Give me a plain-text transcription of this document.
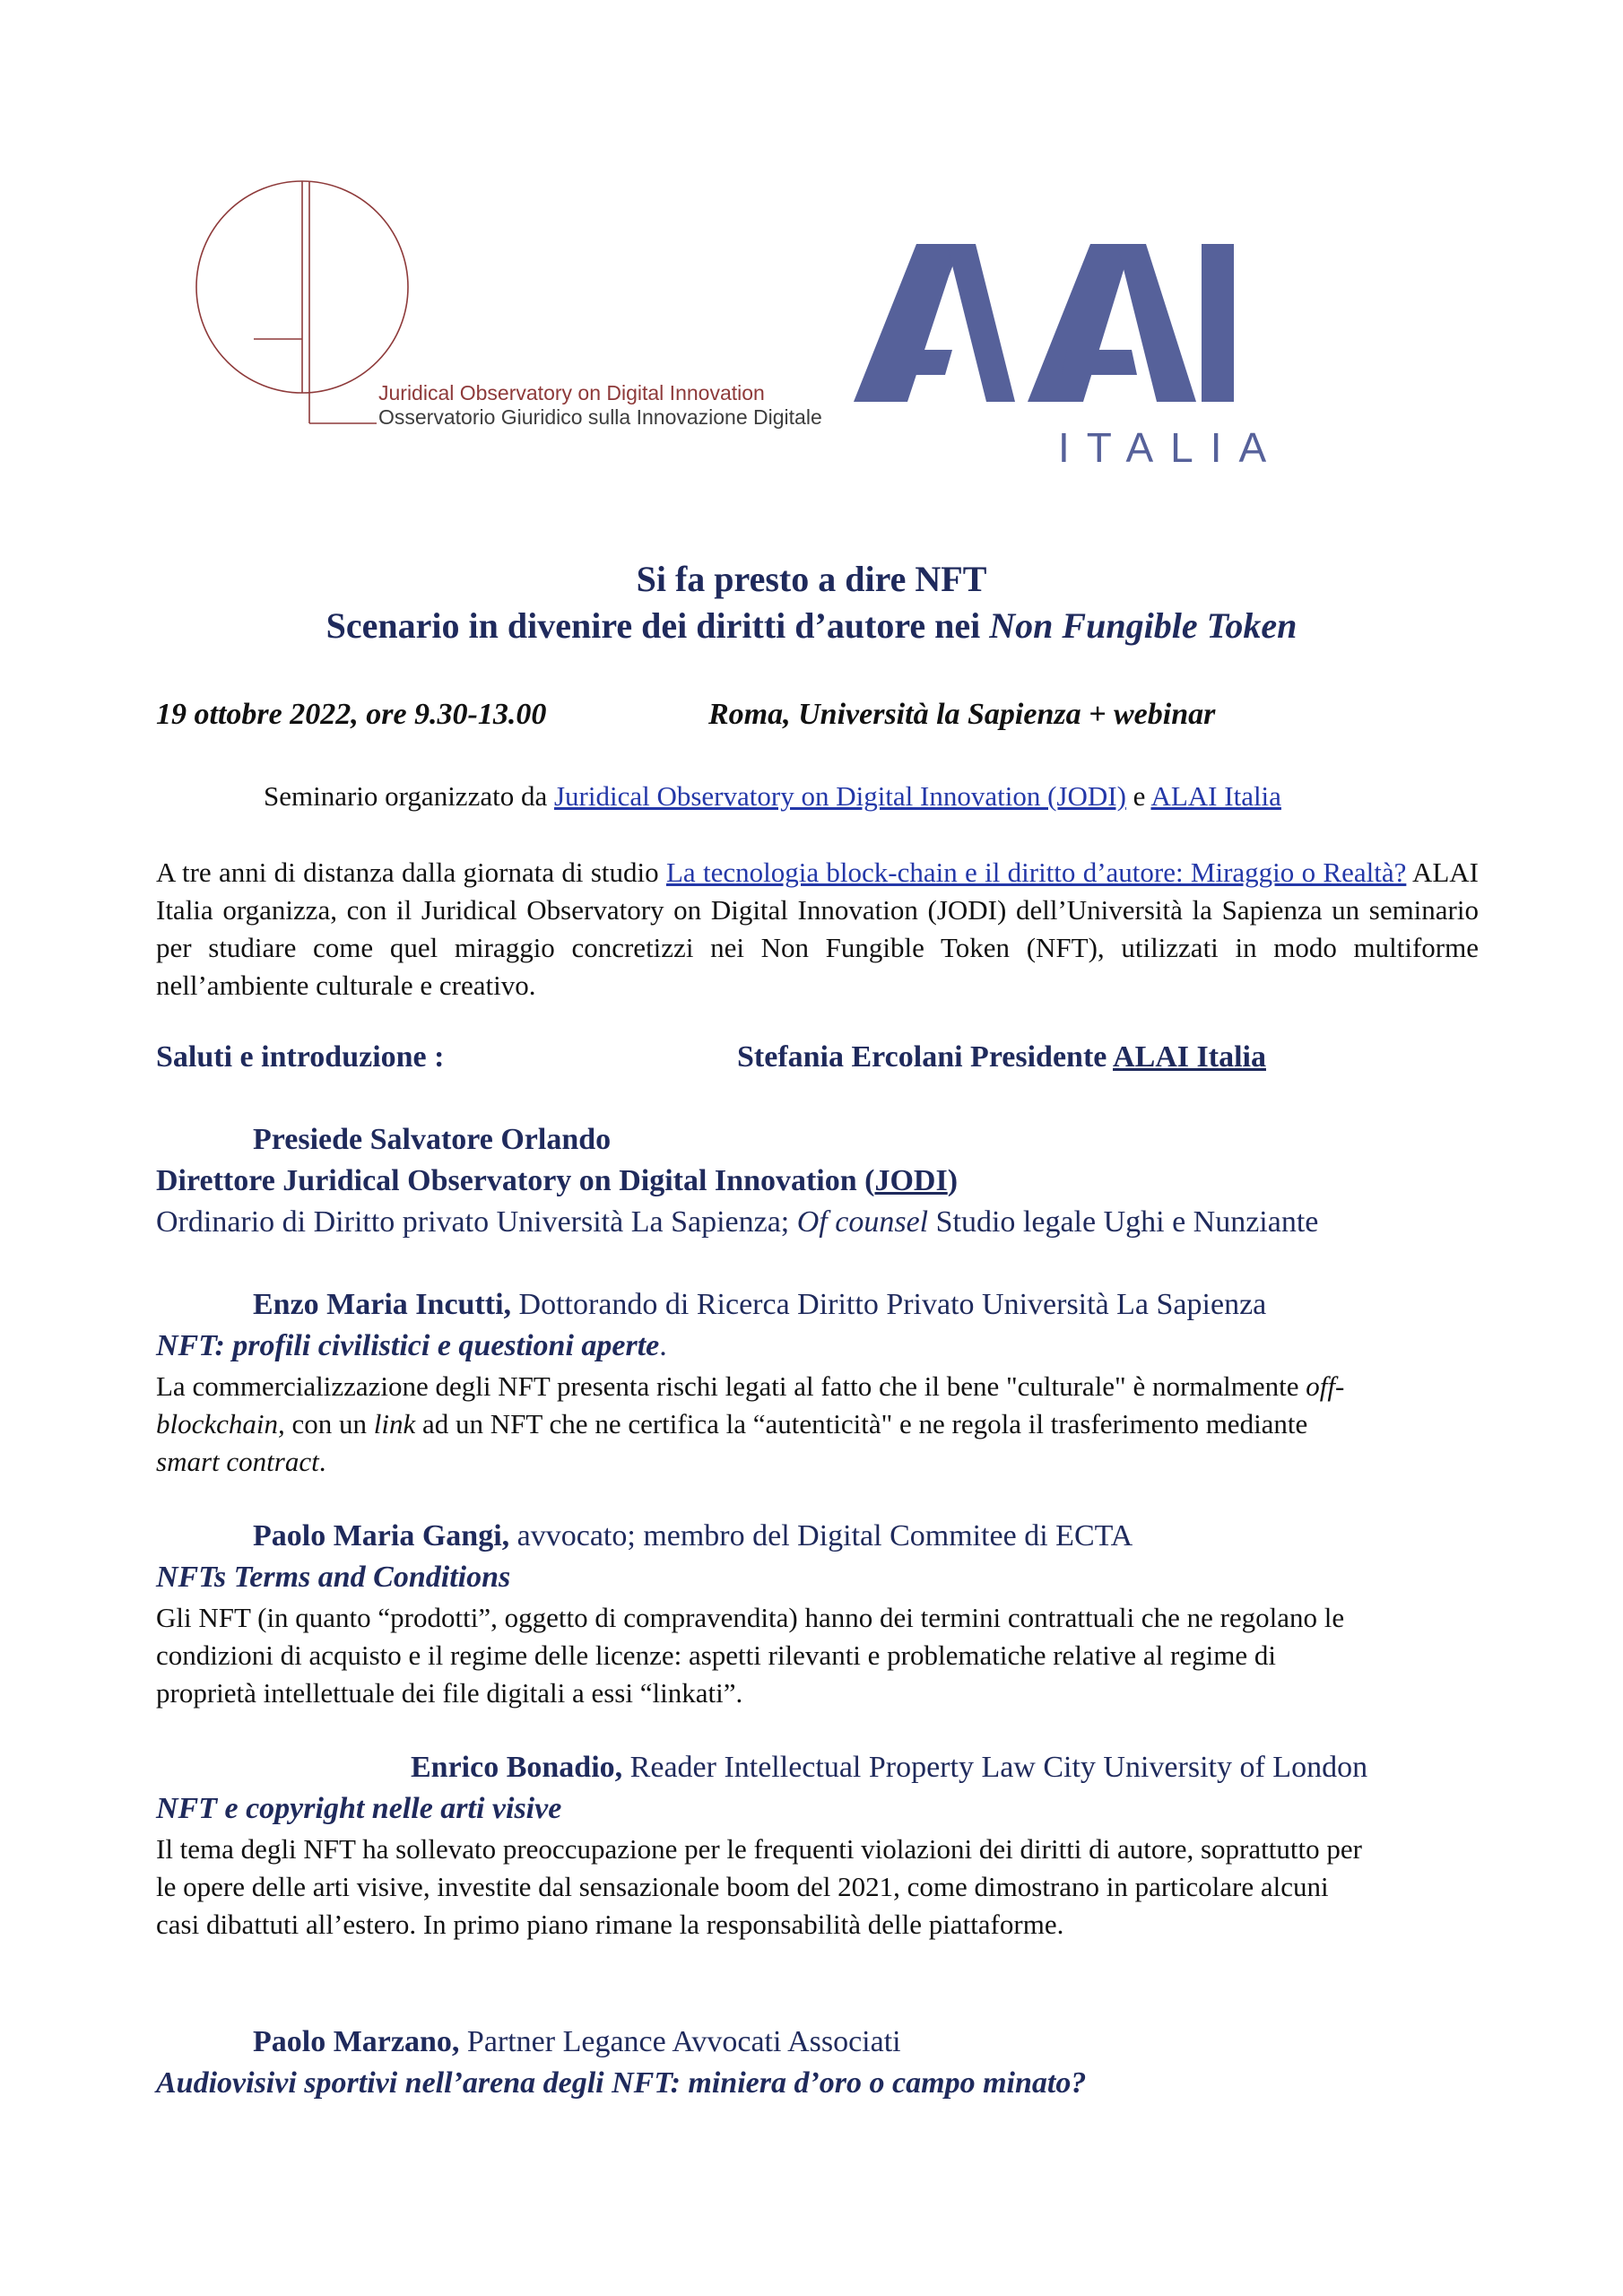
Juridical Observatory on Digital Innovation
Osservatorio Giuridico sulla Innovazione Digitale
ITALIA
Si fa presto a dire NFT
Scenario in divenire dei diritti d’autore nei Non Fungible Token
19 ottobre 2022, ore 9.30-13.00	Roma, Università la Sapienza + webinar
Seminario organizzato da Juridical Observatory on Digital Innovation (JODI) e ALAI Italia
A tre anni di distanza dalla giornata di studio La tecnologia block-chain e il diritto d’autore: Miraggio o Realtà? ALAI Italia organizza, con il Juridical Observatory on Digital Innovation (JODI) dell’Università la Sapienza un seminario per studiare come quel miraggio concretizzi nei Non Fungible Token (NFT), utilizzati in modo multiforme nell’ambiente culturale e creativo.
Saluti e introduzione :	Stefania Ercolani Presidente ALAI Italia
Presiede Salvatore Orlando
Direttore Juridical Observatory on Digital Innovation (JODI)
Ordinario di Diritto privato Università La Sapienza; Of counsel Studio legale Ughi e Nunziante
Enzo Maria Incutti, Dottorando di Ricerca Diritto Privato Università La Sapienza
NFT: profili civilistici e questioni aperte.
La commercializzazione degli NFT presenta rischi legati al fatto che il bene "culturale" è normalmente off-
blockchain, con un link ad un NFT che ne certifica la “autenticità" e ne regola il trasferimento mediante
smart contract.
Paolo Maria Gangi, avvocato; membro del Digital Commitee di ECTA
NFTs Terms and Conditions
Gli NFT (in quanto “prodotti”, oggetto di compravendita) hanno dei termini contrattuali che ne regolano le
condizioni di acquisto e il regime delle licenze: aspetti rilevanti e problematiche relative al regime di
proprietà intellettuale dei file digitali a essi “linkati”.
Enrico Bonadio, Reader Intellectual Property Law City University of London
NFT e copyright nelle arti visive
Il tema degli NFT ha sollevato preoccupazione per le frequenti violazioni dei diritti di autore, soprattutto per
le opere delle arti visive, investite dal sensazionale boom del 2021, come dimostrano in particolare alcuni
casi dibattuti all’estero. In primo piano rimane la responsabilità delle piattaforme.
Paolo Marzano, Partner Legance Avvocati Associati
Audiovisivi sportivi nell’arena degli NFT: miniera d’oro o campo minato?
